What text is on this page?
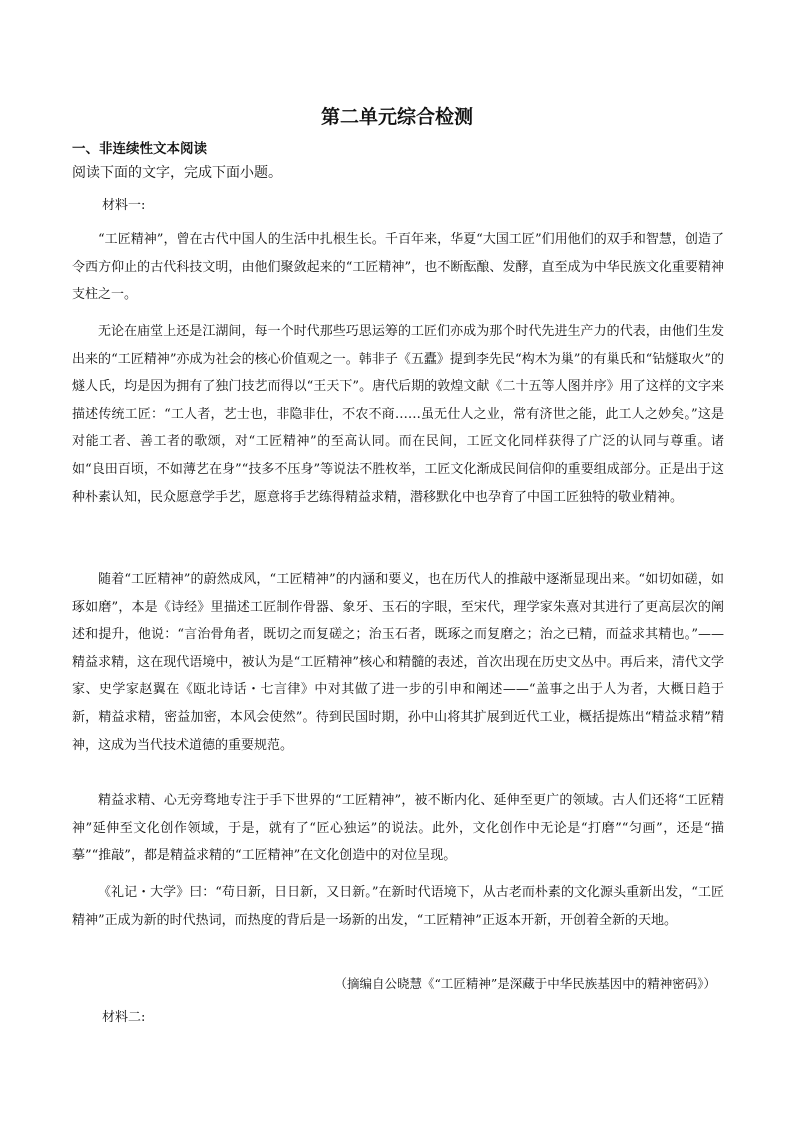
第二单元综合检测
一、非连续性文本阅读

阅读下面的文字，完成下面小题。

材料一:

“工匠精神”，曾在古代中国人的生活中扎根生长。千百年来，华夏“大国工匠”们用他们的双手和智慧，创造了令西方仰止的古代科技文明，由他们聚敛起来的“工匠精神”，也不断酝酿、发酵，直至成为中华民族文化重要精神支柱之一。

无论在庙堂上还是江湖间，每一个时代那些巧思运筹的工匠们亦成为那个时代先进生产力的代表，由他们生发出来的“工匠精神”亦成为社会的核心价值观之一。韩非子《五蠹》提到李先民“构木为巢”的有巢氏和“钻燧取火”的燧人氏，均是因为拥有了独门技艺而得以“王天下”。唐代后期的敦煌文献《二十五等人图并序》用了这样的文字来描述传统工匠：“工人者，艺士也，非隐非仕，不农不商……虽无仕人之业，常有济世之能，此工人之妙矣。”这是对能工者、善工者的歌颂，对“工匠精神”的至高认同。而在民间，工匠文化同样获得了广泛的认同与尊重。诸如“良田百顷，不如薄艺在身”“技多不压身”等说法不胜枚举，工匠文化渐成民间信仰的重要组成部分。正是出于这种朴素认知，民众愿意学手艺，愿意将手艺练得精益求精，潜移默化中也孕育了中国工匠独特的敬业精神。

随着“工匠精神”的蔚然成风，“工匠精神”的内涵和要义，也在历代人的推敲中逐渐显现出来。“如切如磋，如琢如磨”，本是《诗经》里描述工匠制作骨器、象牙、玉石的字眼，至宋代，理学家朱熹对其进行了更高层次的阐述和提升，他说：“言治骨角者，既切之而复磋之；治玉石者，既琢之而复磨之；治之已精，而益求其精也。”——精益求精，这在现代语境中，被认为是“工匠精神”核心和精髓的表述，首次出现在历史文丛中。再后来，清代文学家、史学家赵翼在《瓯北诗话・七言律》中对其做了进一步的引申和阐述——“盖事之出于人为者，大概日趋于新，精益求精，密益加密，本风会使然”。待到民国时期，孙中山将其扩展到近代工业，概括提炼出“精益求精”精神，这成为当代技术道德的重要规范。

精益求精、心无旁骛地专注于手下世界的“工匠精神”，被不断内化、延伸至更广的领域。古人们还将“工匠精神”延伸至文化创作领域，于是，就有了“匠心独运”的说法。此外，文化创作中无论是“打磨”“匀画”，还是“描摹”“推敲”，都是精益求精的“工匠精神”在文化创造中的对位呈现。

《礼记・大学》曰：“苟日新，日日新，又日新。”在新时代语境下，从古老而朴素的文化源头重新出发，“工匠精神”正成为新的时代热词，而热度的背后是一场新的出发，“工匠精神”正返本开新，开创着全新的天地。

（摘编自公晓慧《“工匠精神”是深藏于中华民族基因中的精神密码》）

材料二:
